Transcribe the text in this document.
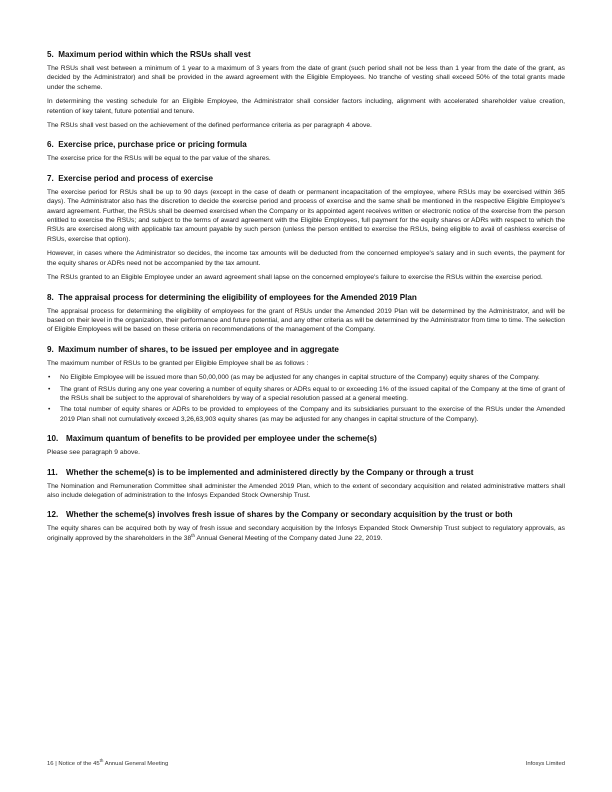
5. Maximum period within which the RSUs shall vest

The RSUs shall vest between a minimum of 1 year to a maximum of 3 years from the date of grant (such period shall not be less than 1 year from the date of the grant, as decided by the Administrator) and shall be provided in the award agreement with the Eligible Employees. No tranche of vesting shall exceed 50% of the total grants made under the scheme.

In determining the vesting schedule for an Eligible Employee, the Administrator shall consider factors including, alignment with accelerated shareholder value creation, retention of key talent, future potential and tenure.

The RSUs shall vest based on the achievement of the defined performance criteria as per paragraph 4 above.

6. Exercise price, purchase price or pricing formula

The exercise price for the RSUs will be equal to the par value of the shares.

7. Exercise period and process of exercise

The exercise period for RSUs shall be up to 90 days (except in the case of death or permanent incapacitation of the employee, where RSUs may be exercised within 365 days). The Administrator also has the discretion to decide the exercise period and process of exercise and the same shall be mentioned in the respective Eligible Employee's award agreement. Further, the RSUs shall be deemed exercised when the Company or its appointed agent receives written or electronic notice of the exercise from the person entitled to exercise the RSUs; and subject to the terms of award agreement with the Eligible Employees, full payment for the equity shares or ADRs with respect to which the RSUs are exercised along with applicable tax amount payable by such person (unless the person entitled to exercise the RSUs, being eligible to avail of cashless exercise of RSUs, exercise that option).

However, in cases where the Administrator so decides, the income tax amounts will be deducted from the concerned employee's salary and in such events, the payment for the equity shares or ADRs need not be accompanied by the tax amount.

The RSUs granted to an Eligible Employee under an award agreement shall lapse on the concerned employee's failure to exercise the RSUs within the exercise period.

8. The appraisal process for determining the eligibility of employees for the Amended 2019 Plan

The appraisal process for determining the eligibility of employees for the grant of RSUs under the Amended 2019 Plan will be determined by the Administrator, and will be based on their level in the organization, their performance and future potential, and any other criteria as will be determined by the Administrator from time to time. The selection of Eligible Employees will be based on these criteria on recommendations of the management of the Company.

9. Maximum number of shares, to be issued per employee and in aggregate

The maximum number of RSUs to be granted per Eligible Employee shall be as follows :

• No Eligible Employee will be issued more than 50,00,000 (as may be adjusted for any changes in capital structure of the Company) equity shares of the Company.
• The grant of RSUs during any one year covering a number of equity shares or ADRs equal to or exceeding 1% of the issued capital of the Company at the time of grant of the RSUs shall be subject to the approval of shareholders by way of a special resolution passed at a general meeting.
• The total number of equity shares or ADRs to be provided to employees of the Company and its subsidiaries pursuant to the exercise of the RSUs under the Amended 2019 Plan shall not cumulatively exceed 3,26,63,903 equity shares (as may be adjusted for any changes in capital structure of the Company).
10. Maximum quantum of benefits to be provided per employee under the scheme(s)

Please see paragraph 9 above.

11. Whether the scheme(s) is to be implemented and administered directly by the Company or through a trust

The Nomination and Remuneration Committee shall administer the Amended 2019 Plan, which to the extent of secondary acquisition and related administrative matters shall also include delegation of administration to the Infosys Expanded Stock Ownership Trust.

12. Whether the scheme(s) involves fresh issue of shares by the Company or secondary acquisition by the trust or both

The equity shares can be acquired both by way of fresh issue and secondary acquisition by the Infosys Expanded Stock Ownership Trust subject to regulatory approvals, as originally approved by the shareholders in the 38th Annual General Meeting of the Company dated June 22, 2019.

16 | Notice of the 45th Annual General Meeting	Infosys Limited
